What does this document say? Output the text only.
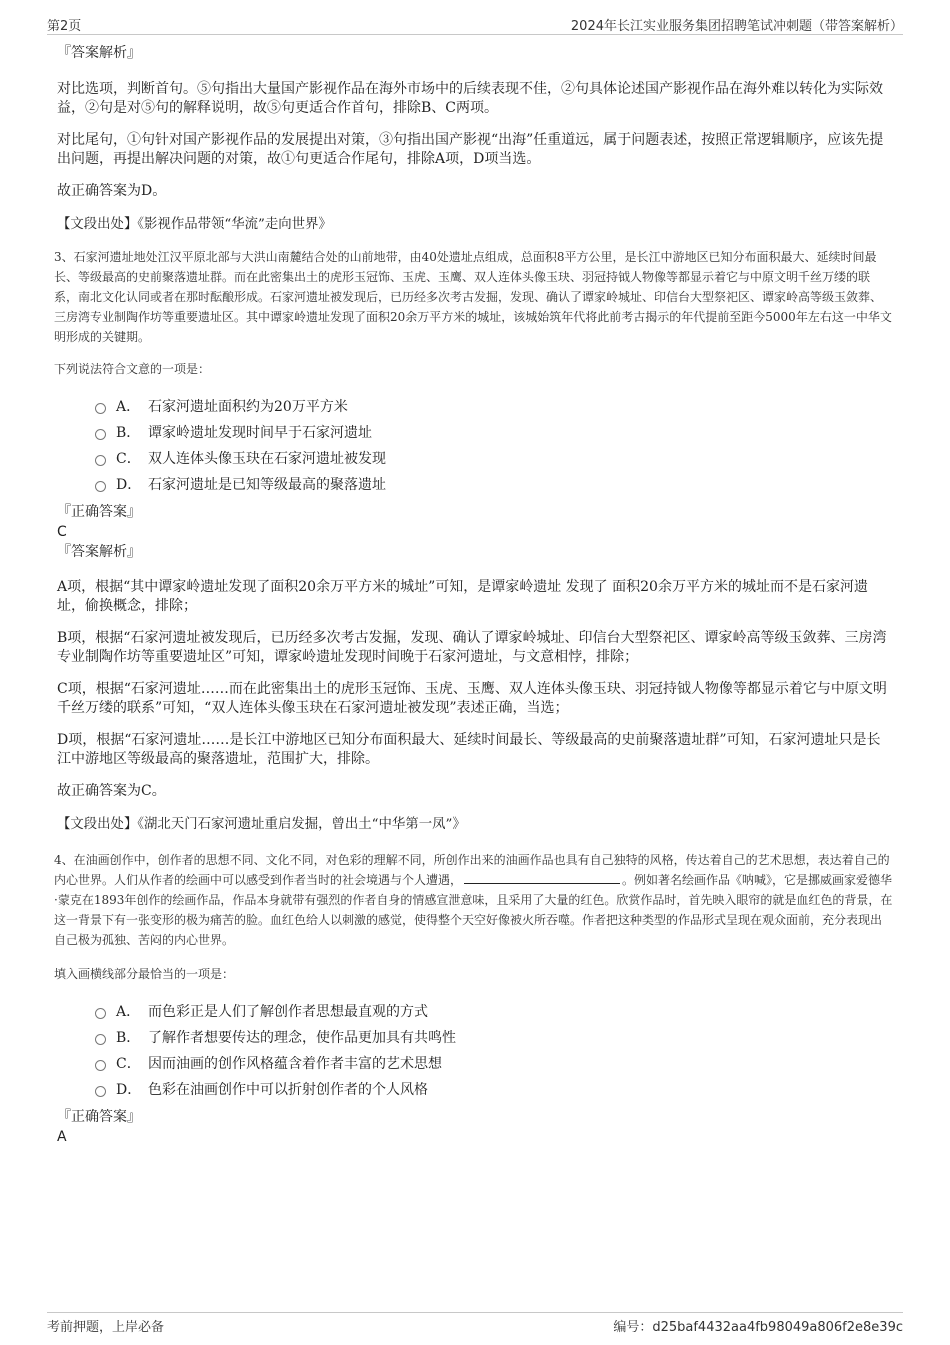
第2页	2024年长江实业服务集团招聘笔试冲刺题（带答案解析）
『答案解析』

对比选项，判断首句。⑤句指出大量国产影视作品在海外市场中的后续表现不佳，②句具体论述国产影视作品在海外难以转化为实际效益，②句是对⑤句的解释说明，故⑤句更适合作首句，排除B、C两项。

对比尾句，①句针对国产影视作品的发展提出对策，③句指出国产影视“出海”任重道远，属于问题表述，按照正常逻辑顺序，应该先提出问题，再提出解决问题的对策，故①句更适合作尾句，排除A项，D项当选。

故正确答案为D。

【文段出处】《影视作品带领“华流”走向世界》

3、石家河遗址地处江汉平原北部与大洪山南麓结合处的山前地带，由40处遗址点组成，总面积8平方公里，是长江中游地区已知分布面积最大、延续时间最长、等级最高的史前聚落遗址群。而在此密集出土的虎形玉冠饰、玉虎、玉鹰、双人连体头像玉玦、羽冠持钺人物像等都显示着它与中原文明千丝万缕的联系，南北文化认同或者在那时酝酿形成。石家河遗址被发现后，已历经多次考古发掘，发现、确认了谭家岭城址、印信台大型祭祀区、谭家岭高等级玉敛葬、三房湾专业制陶作坊等重要遗址区。其中谭家岭遗址发现了面积20余万平方米的城址，该城始筑年代将此前考古揭示的年代提前至距今5000年左右这一中华文明形成的关键期。

下列说法符合文意的一项是：

A． 石家河遗址面积约为20万平方米
B． 谭家岭遗址发现时间早于石家河遗址
C． 双人连体头像玉玦在石家河遗址被发现
D． 石家河遗址是已知等级最高的聚落遗址
『正确答案』
C
『答案解析』

A项，根据“其中谭家岭遗址发现了面积20余万平方米的城址”可知，是谭家岭遗址 发现了 面积20余万平方米的城址而不是石家河遗址，偷换概念，排除；

B项，根据“石家河遗址被发现后，已历经多次考古发掘，发现、确认了谭家岭城址、印信台大型祭祀区、谭家岭高等级玉敛葬、三房湾专业制陶作坊等重要遗址区”可知，谭家岭遗址发现时间晚于石家河遗址，与文意相悖，排除；

C项，根据“石家河遗址……而在此密集出土的虎形玉冠饰、玉虎、玉鹰、双人连体头像玉玦、羽冠持钺人物像等都显示着它与中原文明千丝万缕的联系”可知，“双人连体头像玉玦在石家河遗址被发现”表述正确，当选；

D项，根据“石家河遗址……是长江中游地区已知分布面积最大、延续时间最长、等级最高的史前聚落遗址群”可知，石家河遗址只是长江中游地区等级最高的聚落遗址，范围扩大，排除。

故正确答案为C。

【文段出处】《湖北天门石家河遗址重启发掘，曾出土“中华第一凤”》

4、在油画创作中，创作者的思想不同、文化不同，对色彩的理解不同，所创作出来的油画作品也具有自己独特的风格，传达着自己的艺术思想，表达着自己的内心世界。人们从作者的绘画中可以感受到作者当时的社会境遇与个人遭遇，	。例如著名绘画作品《呐喊》，它是挪威画家爱德华·蒙克在1893年创作的绘画作品，作品本身就带有强烈的作者自身的情感宣泄意味，且采用了大量的红色。欣赏作品时，首先映入眼帘的就是血红色的背景，在这一背景下有一张变形的极为痛苦的脸。血红色给人以刺激的感觉，使得整个天空好像被火所吞噬。作者把这种类型的作品形式呈现在观众面前，充分表现出自己极为孤独、苦闷的内心世界。

填入画横线部分最恰当的一项是：

A． 而色彩正是人们了解创作者思想最直观的方式
B． 了解作者想要传达的理念，使作品更加具有共鸣性
C． 因而油画的创作风格蕴含着作者丰富的艺术思想
D． 色彩在油画创作中可以折射创作者的个人风格
『正确答案』
A
考前押题，上岸必备	编号：d25baf4432aa4fb98049a806f2e8e39c
